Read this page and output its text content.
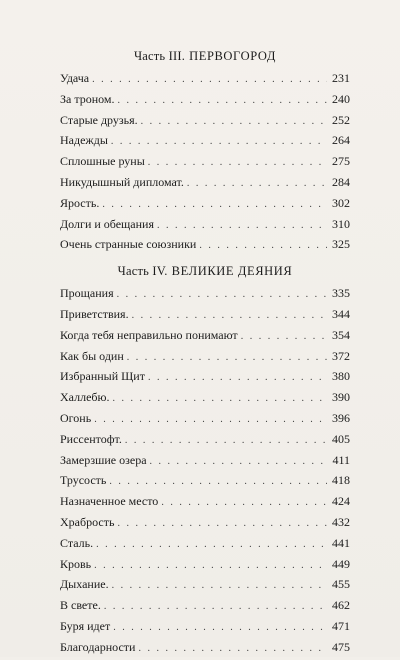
Часть III. ПЕРВОГОРОД
Удача . . .	231
За троном. . . .	240
Старые друзья. . . .	252
Надежды . . .	264
Сплошные руны . . .	275
Никудышный дипломат. . . .	284
Ярость. . . .	302
Долги и обещания . . .	310
Очень странные союзники . . .	325
Часть IV. ВЕЛИКИЕ ДЕЯНИЯ
Прощания . . .	335
Приветствия. . . .	344
Когда тебя неправильно понимают . . .	354
Как бы один . . .	372
Избранный Щит . . .	380
Халлебю. . . .	390
Огонь . . .	396
Риссентофт. . . .	405
Замерзшие озера . . .	411
Трусость . . .	418
Назначенное место . . .	424
Храбрость . . .	432
Сталь. . . .	441
Кровь . . .	449
Дыхание. . . .	455
В свете. . . .	462
Буря идет . . .	471
Благодарности . . .	475
